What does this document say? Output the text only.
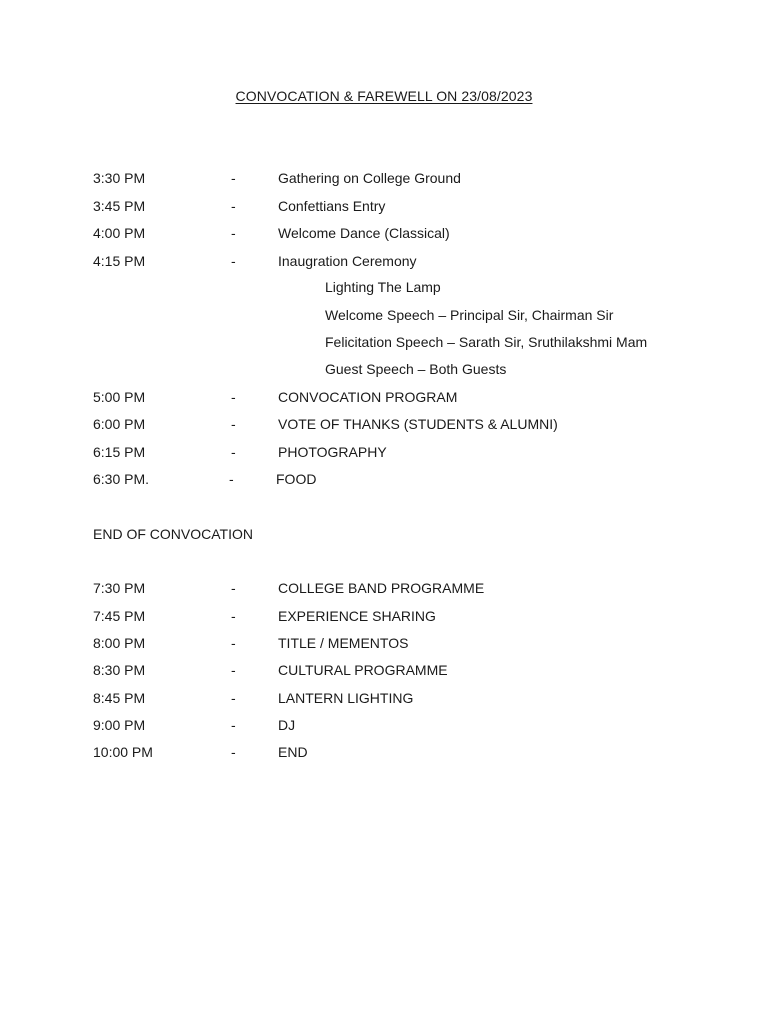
CONVOCATION & FAREWELL ON 23/08/2023
3:30 PM	-	Gathering on College Ground
3:45 PM	-	Confettians Entry
4:00 PM	-	Welcome Dance (Classical)
4:15 PM	-	Inaugration Ceremony
Lighting The Lamp
Welcome Speech – Principal Sir, Chairman Sir
Felicitation Speech – Sarath Sir, Sruthilakshmi Mam
Guest Speech – Both Guests
5:00 PM	-	CONVOCATION PROGRAM
6:00 PM	-	VOTE OF THANKS (STUDENTS & ALUMNI)
6:15 PM	-	PHOTOGRAPHY
6:30 PM.	-	FOOD
END OF CONVOCATION
7:30 PM	-	COLLEGE BAND PROGRAMME
7:45 PM	-	EXPERIENCE SHARING
8:00 PM	-	TITLE / MEMENTOS
8:30 PM	-	CULTURAL PROGRAMME
8:45 PM	-	LANTERN LIGHTING
9:00 PM	-	DJ
10:00 PM	-	END
